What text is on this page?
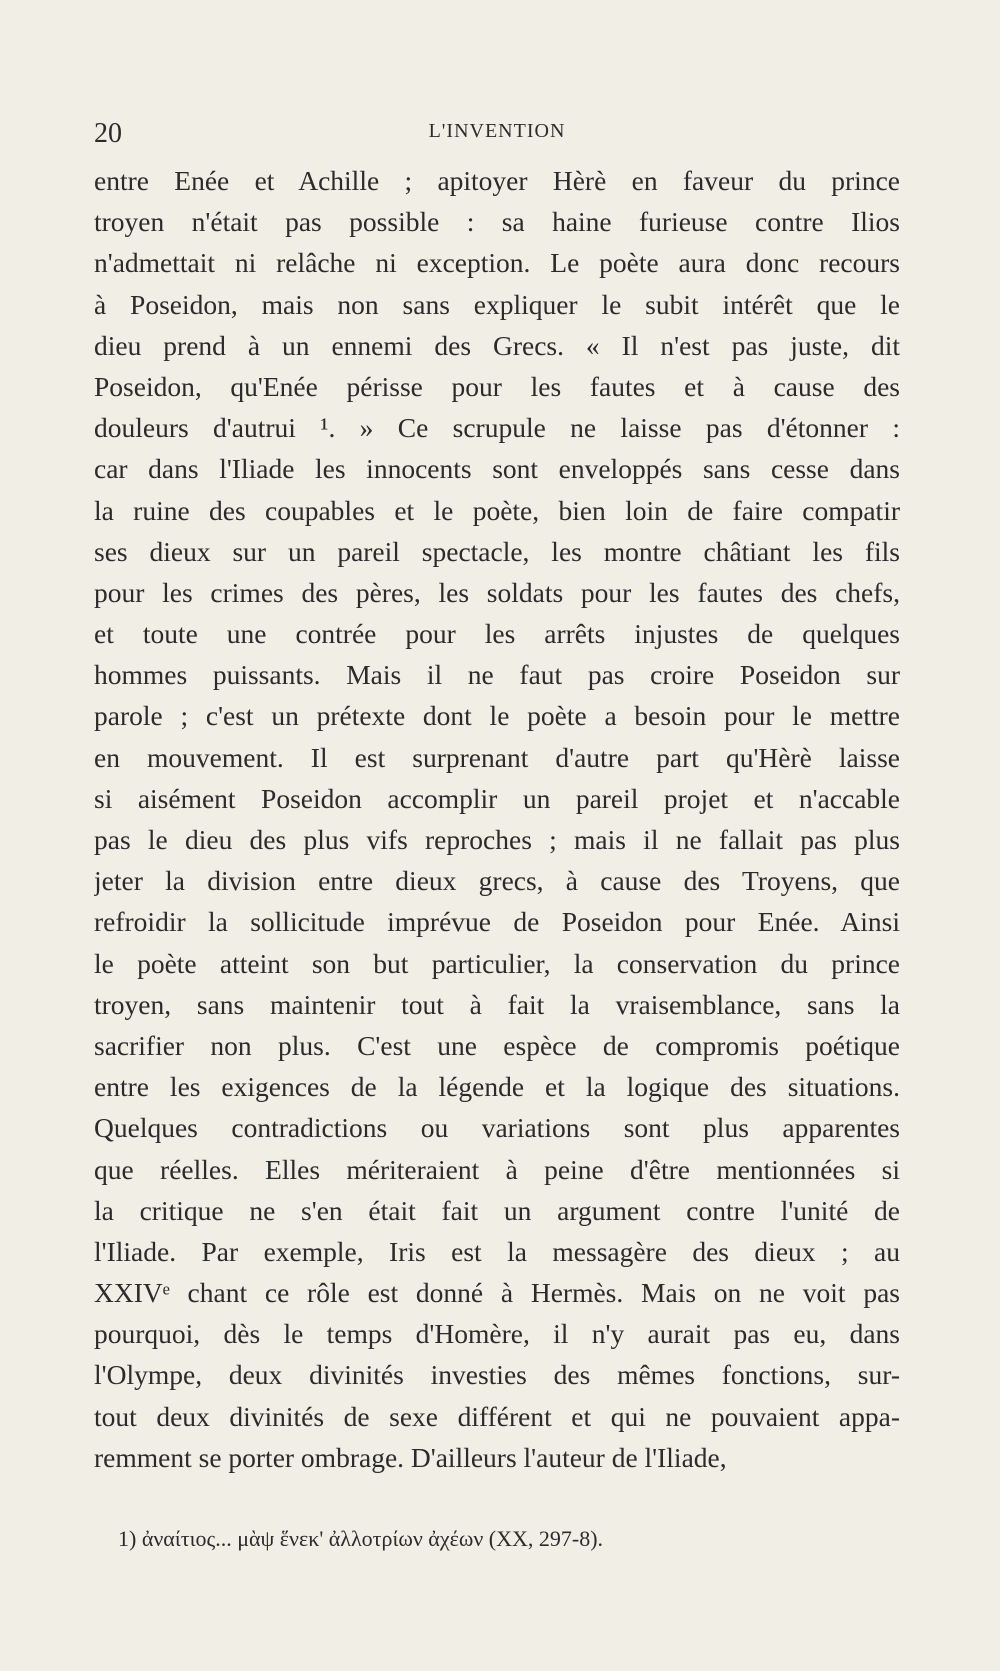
20	L'INVENTION
entre Enée et Achille ; apitoyer Hèrè en faveur du prince
troyen n'était pas possible : sa haine furieuse contre Ilios
n'admettait ni relâche ni exception. Le poète aura donc recours
à Poseidon, mais non sans expliquer le subit intérêt que le
dieu prend à un ennemi des Grecs. « Il n'est pas juste, dit
Poseidon, qu'Enée périsse pour les fautes et à cause des
douleurs d'autrui ¹. » Ce scrupule ne laisse pas d'étonner :
car dans l'Iliade les innocents sont enveloppés sans cesse dans
la ruine des coupables et le poète, bien loin de faire compatir
ses dieux sur un pareil spectacle, les montre châtiant les fils
pour les crimes des pères, les soldats pour les fautes des chefs,
et toute une contrée pour les arrêts injustes de quelques
hommes puissants. Mais il ne faut pas croire Poseidon sur
parole ; c'est un prétexte dont le poète a besoin pour le mettre
en mouvement. Il est surprenant d'autre part qu'Hèrè laisse
si aisément Poseidon accomplir un pareil projet et n'accable
pas le dieu des plus vifs reproches ; mais il ne fallait pas plus
jeter la division entre dieux grecs, à cause des Troyens, que
refroidir la sollicitude imprévue de Poseidon pour Enée. Ainsi
le poète atteint son but particulier, la conservation du prince
troyen, sans maintenir tout à fait la vraisemblance, sans la
sacrifier non plus. C'est une espèce de compromis poétique
entre les exigences de la légende et la logique des situations.
Quelques contradictions ou variations sont plus apparentes
que réelles. Elles mériteraient à peine d'être mentionnées si
la critique ne s'en était fait un argument contre l'unité de
l'Iliade. Par exemple, Iris est la messagère des dieux ; au
XXIVᵉ chant ce rôle est donné à Hermès. Mais on ne voit pas
pourquoi, dès le temps d'Homère, il n'y aurait pas eu, dans
l'Olympe, deux divinités investies des mêmes fonctions, sur-
tout deux divinités de sexe différent et qui ne pouvaient appa-
remment se porter ombrage. D'ailleurs l'auteur de l'Iliade,
1) ἀναίτιος... μὰψ ἕνεκ' ἀλλοτρίων ἀχέων (XX, 297-8).
